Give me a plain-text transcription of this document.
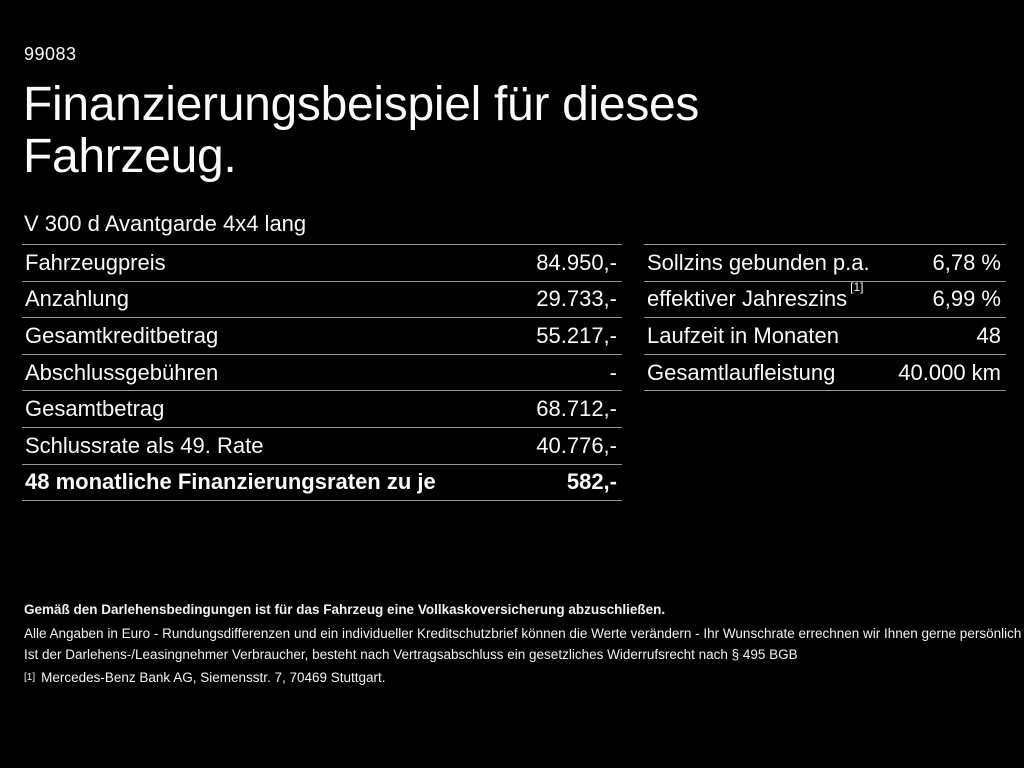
99083
Finanzierungsbeispiel für dieses
Fahrzeug.
V 300 d Avantgarde 4x4 lang
Fahrzeugpreis	84.950,-
Anzahlung	29.733,-
Gesamtkreditbetrag	55.217,-
Abschlussgebühren	-
Gesamtbetrag	68.712,-
Schlussrate als 49. Rate	40.776,-
48 monatliche Finanzierungsraten zu je	582,-
Sollzins gebunden p.a.	6,78 %
effektiver Jahreszins [1]	6,99 %
Laufzeit in Monaten	48
Gesamtlaufleistung	40.000 km

Gemäß den Darlehensbedingungen ist für das Fahrzeug eine Vollkaskoversicherung abzuschließen.

Alle Angaben in Euro - Rundungsdifferenzen und ein individueller Kreditschutzbrief können die Werte verändern - Ihr Wunschrate errechnen wir Ihnen gerne persönlich

Ist der Darlehens-/Leasingnehmer Verbraucher, besteht nach Vertragsabschluss ein gesetzliches Widerrufsrecht nach § 495 BGB

[1] Mercedes-Benz Bank AG, Siemensstr. 7, 70469 Stuttgart.
